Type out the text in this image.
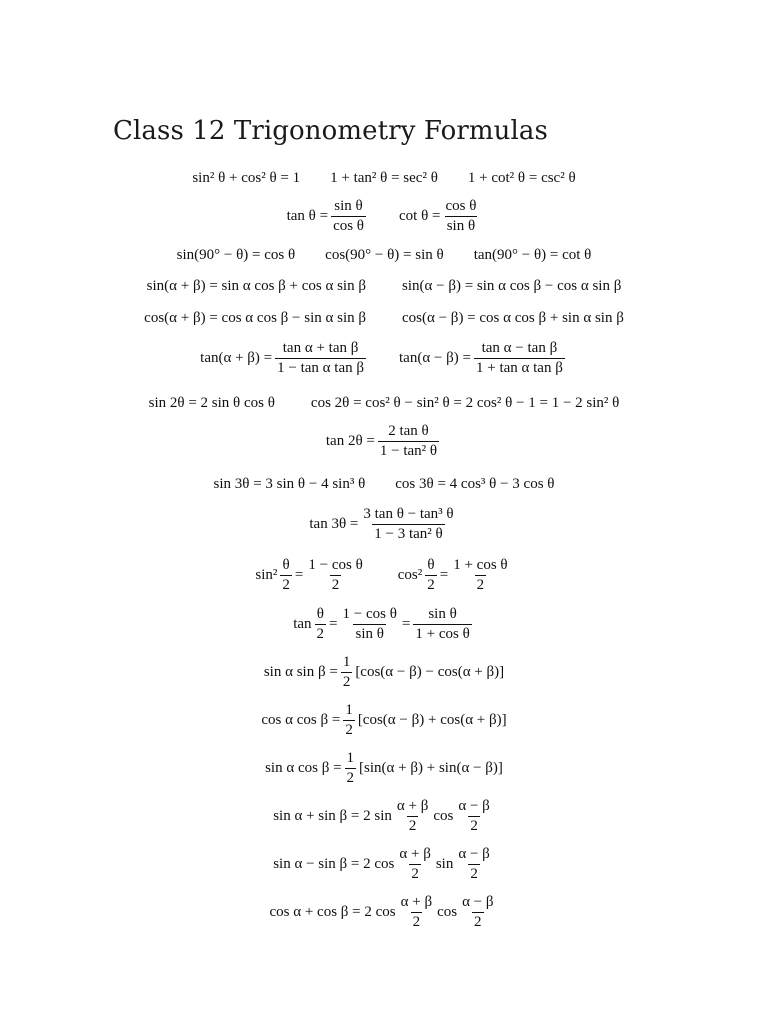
Class 12 Trigonometry Formulas
sin² θ + cos² θ = 1 1 + tan² θ = sec² θ 1 + cot² θ = csc² θ
$\tan \theta = \frac{\text{sin θ}}{\text{cos θ}}$ $\cot \theta = \frac{\text{cos θ}}{\text{sin θ}}$
sin(90° − θ) = cos θ cos(90° − θ) = sin θ tan(90° − θ) = cot θ
sin(α + β) = sin α cos β + cos α sin β sin(α − β) = sin α cos β − cos α sin β
cos(α + β) = cos α cos β − sin α sin β cos(α − β) = cos α cos β + sin α sin β
$\tan(\alpha + \beta) = \frac{\text{tan α + tan β}}{\text{1 − tan α tan β}} \tan(\alpha - \beta) = \frac{\text{tan α − tan β}}{\text{1 + tan α tan β}}$
sin 2θ = 2 sin θ cos θ cos 2θ = cos² θ − sin² θ = 2 cos² θ − 1 = 1 − 2 sin² θ
$\tan 2\theta = \frac{\text{2 tan θ}}{\text{1 − tan² θ}}$
sin 3θ = 3 sin θ − 4 sin³ θ cos 3θ = 4 cos³ θ − 3 cos θ
$\tan 3\theta = \frac{\text{3 tan θ − tan³ θ}}{\text{1 − 3 tan² θ}}$
$\sin^2 \frac{\theta}{2} = \frac{\text{1 − cos θ}}{2} \cos^2 \frac{\theta}{2} = \frac{\text{1 + cos θ}}{2}$
$\tan \frac{\theta}{2} = \frac{\text{1 − cos θ}}{\text{sin θ}} = \frac{\text{sin θ}}{\text{1 + cos θ}}$
sin α $\sin \beta = \frac{1}{2} [\cos(\alpha - \beta) - \cos(\alpha + \beta)]$
cos α $\cos \beta = \frac{1}{2} [\cos(\alpha - \beta) + \cos(\alpha + \beta)]$
sin α $\cos \beta = \frac{1}{2} [\sin(\alpha + \beta) + \sin(\alpha - \beta)]$
sin α + sin β = 2 $\sin \frac{\alpha + \beta}{2}$ $\cos \frac{\alpha - \beta}{2}$
sin α − sin β = 2 $\cos \frac{\alpha + \beta}{2}$ $\sin \frac{\alpha - \beta}{2}$
cos α + cos β = 2 $\cos \frac{\alpha + \beta}{2}$ $\cos \frac{\alpha - \beta}{2}$
